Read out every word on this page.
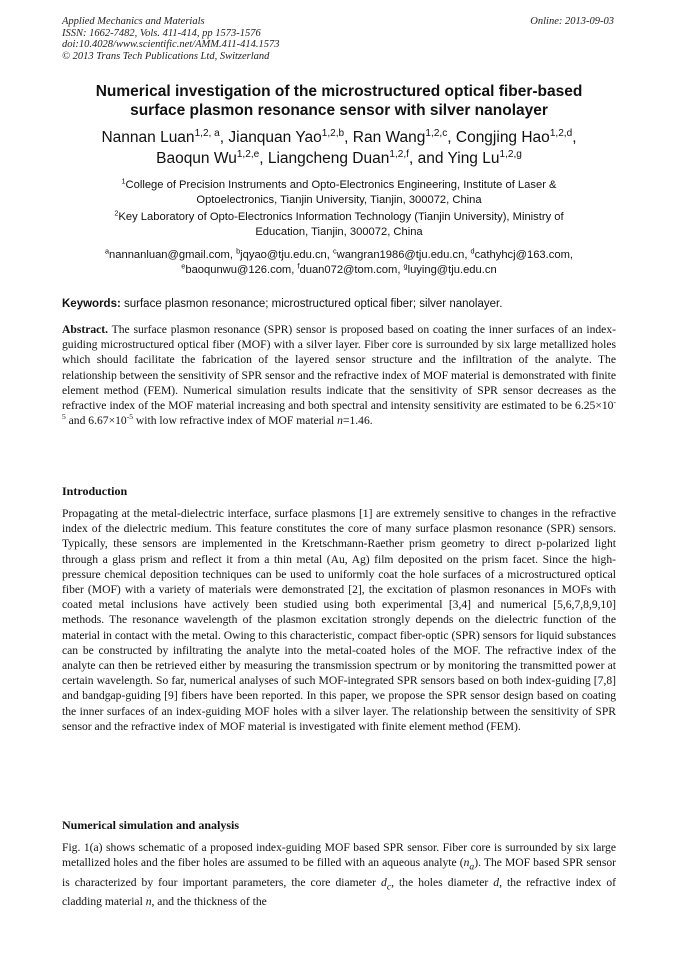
Applied Mechanics and Materials
ISSN: 1662-7482, Vols. 411-414, pp 1573-1576
doi:10.4028/www.scientific.net/AMM.411-414.1573
© 2013 Trans Tech Publications Ltd, Switzerland
Online: 2013-09-03
Numerical investigation of the microstructured optical fiber-based
surface plasmon resonance sensor with silver nanolayer
Nannan Luan$^{1,2, a}$, Jianquan Yao$^{1,2,b}$, Ran Wang$^{1,2,c}$, Congjing Hao$^{1,2,d}$,
Baoqun Wu$^{1,2,e}$, Liangcheng Duan$^{1,2,f}$, and Ying Lu$^{1,2,g}$
$^1$College of Precision Instruments and Opto-Electronics Engineering, Institute of Laser &
Optoelectronics, Tianjin University, Tianjin, 300072, China
$^2$Key Laboratory of Opto-Electronics Information Technology (Tianjin University), Ministry of
Education, Tianjin, 300072, China
$^a$nannanluan@gmail.com, $^b$jqyao@tju.edu.cn, $^c$wangran1986@tju.edu.cn, $^d$cathyhcj@163.com,
$^e$baoqunwu@126.com, $^f$duan072@tom.com, $^g$luying@tju.edu.cn
Keywords: surface plasmon resonance; microstructured optical fiber; silver nanolayer.
Abstract. The surface plasmon resonance (SPR) sensor is proposed based on coating the inner surfaces of an index-guiding microstructured optical fiber (MOF) with a silver layer. Fiber core is surrounded by six large metallized holes which should facilitate the fabrication of the layered sensor structure and the infiltration of the analyte. The relationship between the sensitivity of SPR sensor and the refractive index of MOF material is demonstrated with finite element method (FEM). Numerical simulation results indicate that the sensitivity of SPR sensor decreases as the refractive index of the MOF material increasing and both spectral and intensity sensitivity are estimated to be $6.25\times 10^{-5}$ and $6.67\times 10^{-5}$ with low refractive index of MOF material n=1.46.
Introduction
Propagating at the metal-dielectric interface, surface plasmons [1] are extremely sensitive to changes in the refractive index of the dielectric medium. This feature constitutes the core of many surface plasmon resonance (SPR) sensors. Typically, these sensors are implemented in the Kretschmann-Raether prism geometry to direct p-polarized light through a glass prism and reflect it from a thin metal (Au, Ag) film deposited on the prism facet. Since the high-pressure chemical deposition techniques can be used to uniformly coat the hole surfaces of a microstructured optical fiber (MOF) with a variety of materials were demonstrated [2], the excitation of plasmon resonances in MOFs with coated metal inclusions have actively been studied using both experimental [3,4] and numerical [5,6,7,8,9,10] methods. The resonance wavelength of the plasmon excitation strongly depends on the dielectric function of the material in contact with the metal. Owing to this characteristic, compact fiber-optic (SPR) sensors for liquid substances can be constructed by infiltrating the analyte into the metal-coated holes of the MOF. The refractive index of the analyte can then be retrieved either by measuring the transmission spectrum or by monitoring the transmitted power at certain wavelength. So far, numerical analyses of such MOF-integrated SPR sensors based on both index-guiding [7,8] and bandgap-guiding [9] fibers have been reported. In this paper, we propose the SPR sensor design based on coating the inner surfaces of an index-guiding MOF holes with a silver layer. The relationship between the sensitivity of SPR sensor and the refractive index of MOF material is investigated with finite element method (FEM).
Numerical simulation and analysis
Fig. 1(a) shows schematic of a proposed index-guiding MOF based SPR sensor. Fiber core is surrounded by six large metallized holes and the fiber holes are assumed to be filled with an aqueous analyte $(n_a)$. The MOF based SPR sensor is characterized by four important parameters, the core diameter $d_c$, the holes diameter d, the refractive index of cladding material n, and the thickness of the
